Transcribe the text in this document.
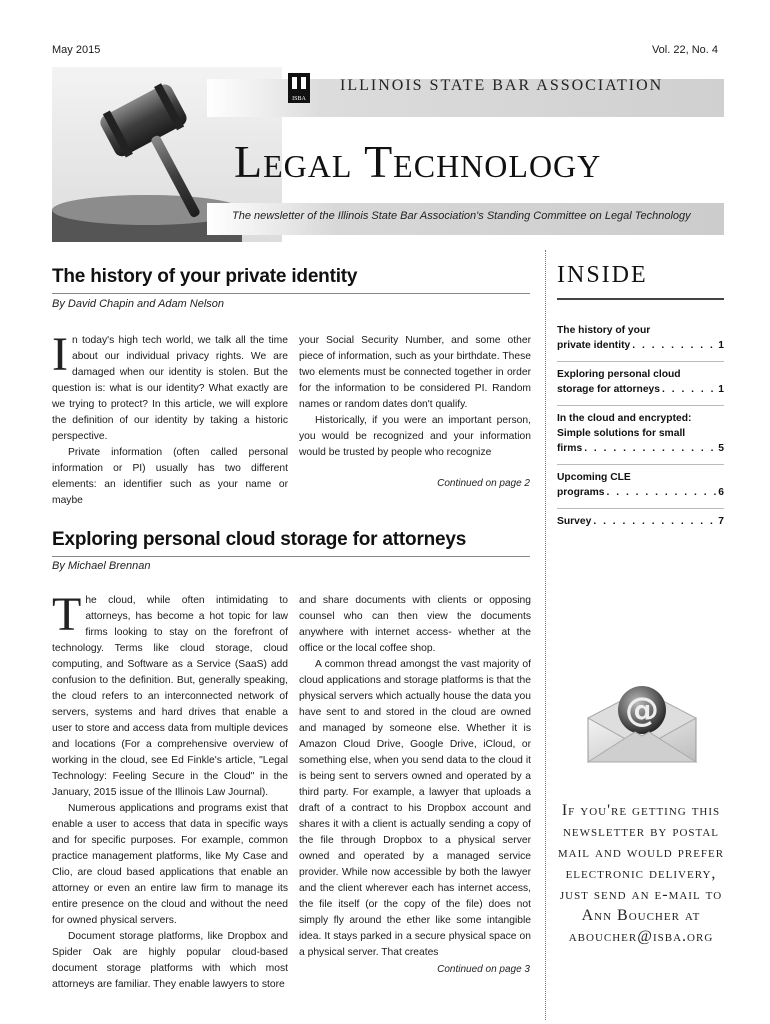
May 2015	Vol. 22, No. 4
ISBA
ILLINOIS STATE BAR ASSOCIATION
Legal Technology
The newsletter of the Illinois State Bar Association's Standing Committee on Legal Technology
The history of your private identity
By David Chapin and Adam Nelson

In today's high tech world, we talk all the time about our individual privacy rights. We are damaged when our identity is stolen. But the question is: what is our identity? What exactly are we trying to protect? In this article, we will explore the definition of our identity by taking a historic perspective.

Private information (often called personal information or PI) usually has two different elements: an identifier such as your name or maybe

your Social Security Number, and some other piece of information, such as your birthdate. These two elements must be connected together in order for the information to be considered PI. Random names or random dates don't qualify.

Historically, if you were an important person, you would be recognized and your information would be trusted by people who recognize

Continued on page 2
Exploring personal cloud storage for attorneys
By Michael Brennan

The cloud, while often intimidating to attorneys, has become a hot topic for law firms looking to stay on the forefront of technology. Terms like cloud storage, cloud computing, and Software as a Service (SaaS) add confusion to the definition. But, generally speaking, the cloud refers to an interconnected network of servers, systems and hard drives that enable a user to store and access data from multiple devices and locations (For a comprehensive overview of working in the cloud, see Ed Finkle's article, "Legal Technology: Feeling Secure in the Cloud" in the January, 2015 issue of the Illinois Law Journal).

Numerous applications and programs exist that enable a user to access that data in specific ways and for specific purposes. For example, common practice management platforms, like My Case and Clio, are cloud based applications that enable an attorney or even an entire law firm to manage its entire presence on the cloud and without the need for owned physical servers.

Document storage platforms, like Dropbox and Spider Oak are highly popular cloud-based document storage platforms with which most attorneys are familiar. They enable lawyers to store

and share documents with clients or opposing counsel who can then view the documents anywhere with internet access- whether at the office or the local coffee shop.

A common thread amongst the vast majority of cloud applications and storage platforms is that the physical servers which actually house the data you have sent to and stored in the cloud are owned and managed by someone else. Whether it is Amazon Cloud Drive, Google Drive, iCloud, or something else, when you send data to the cloud it is being sent to servers owned and operated by a third party. For example, a lawyer that uploads a draft of a contract to his Dropbox account and shares it with a client is actually sending a copy of the file through Dropbox to a physical server owned and operated by a managed service provider. While now accessible by both the lawyer and the client wherever each has internet access, the file itself (or the copy of the file) does not simply fly around the ether like some intangible idea. It stays parked in a secure physical space on a physical server. That creates

Continued on page 3
INSIDE
The history of your
private identity . . .	1
Exploring personal cloud
storage for attorneys . . .	1
In the cloud and encrypted:
Simple solutions for small
firms . . .	5
Upcoming CLE
programs . . .	6
Survey . . .	7
@
If you're getting this newsletter by postal mail and would prefer electronic delivery, just send an e-mail to Ann Boucher at aboucher@isba.org
